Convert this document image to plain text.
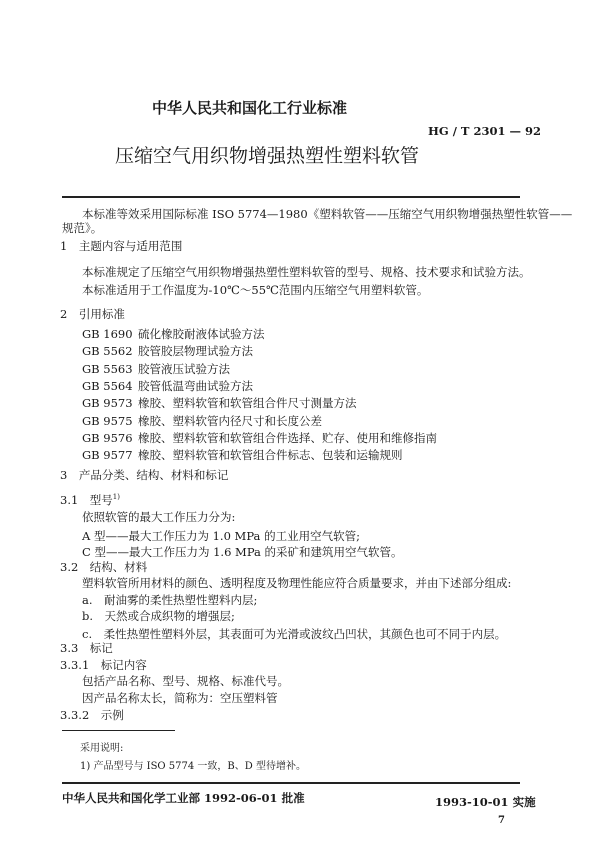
中华人民共和国化工行业标准
HG / T 2301 — 92
压缩空气用织物增强热塑性塑料软管
本标准等效采用国际标准 ISO 5774—1980《塑料软管——压缩空气用织物增强热塑性软管——
规范》。
1　主题内容与适用范围
本标准规定了压缩空气用织物增强热塑性塑料软管的型号、规格、技术要求和试验方法。
本标准适用于工作温度为-10℃～55℃范围内压缩空气用塑料软管。
2　引用标准
GB 1690 硫化橡胶耐液体试验方法
GB 5562 胶管胶层物理试验方法
GB 5563 胶管液压试验方法
GB 5564 胶管低温弯曲试验方法
GB 9573 橡胶、塑料软管和软管组合件尺寸测量方法
GB 9575 橡胶、塑料软管内径尺寸和长度公差
GB 9576 橡胶、塑料软管和软管组合件选择、贮存、使用和维修指南
GB 9577 橡胶、塑料软管和软管组合件标志、包装和运输规则
3　产品分类、结构、材料和标记
3.1　型号$^{1)}$
依照软管的最大工作压力分为:
A 型——最大工作压力为 1.0 MPa 的工业用空气软管;
C 型——最大工作压力为 1.6 MPa 的采矿和建筑用空气软管。
3.2　结构、材料
塑料软管所用材料的颜色、透明程度及物理性能应符合质量要求，并由下述部分组成:
a.　耐油雾的柔性热塑性塑料内层;
b.　天然或合成织物的增强层;
c.　柔性热塑性塑料外层，其表面可为光滑或波纹凸凹状，其颜色也可不同于内层。
3.3　标记
3.3.1　标记内容
包括产品名称、型号、规格、标准代号。
因产品名称太长，简称为：空压塑料管
3.3.2　示例
采用说明:
1) 产品型号与 ISO 5774 一致，B、D 型待增补。
中华人民共和国化学工业部 1992-06-01 批准	1993-10-01 实施
7
